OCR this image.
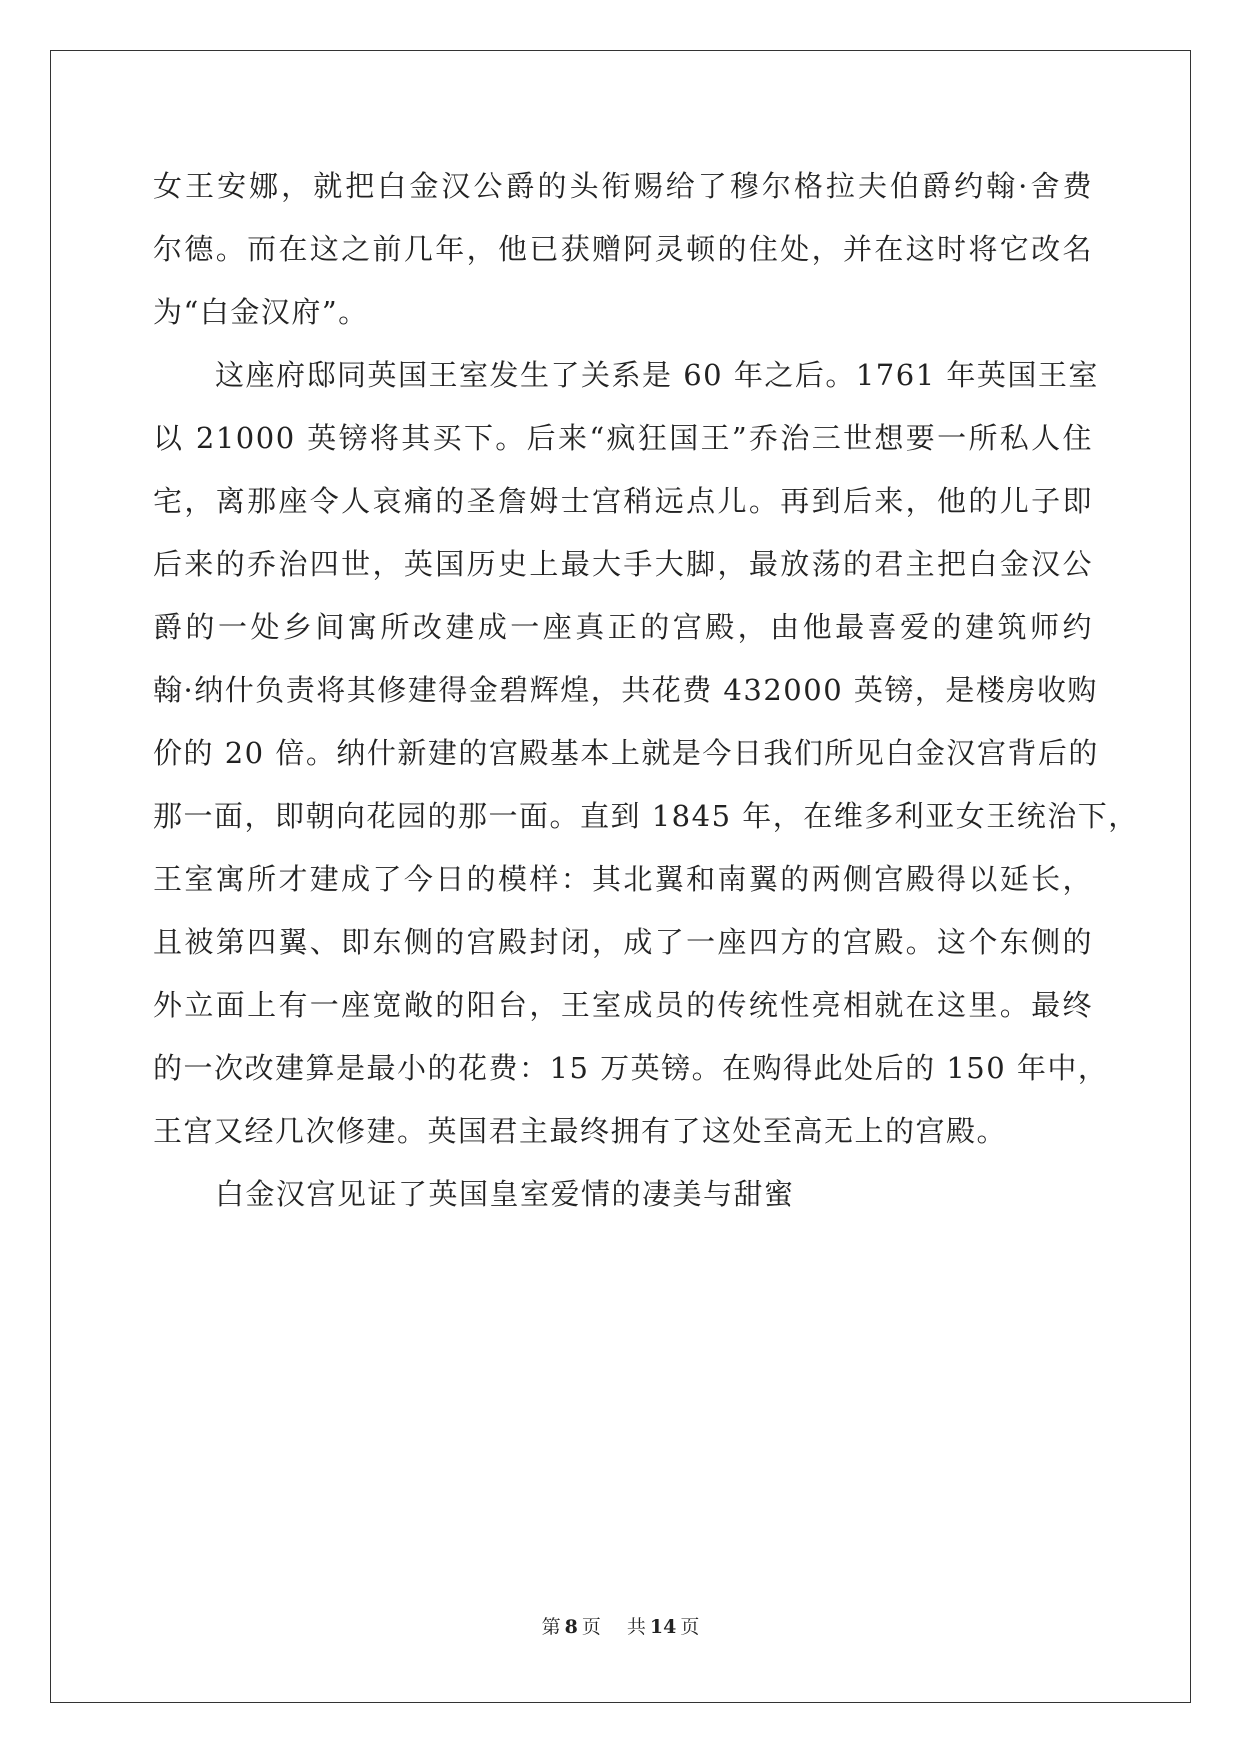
女王安娜，就把白金汉公爵的头衔赐给了穆尔格拉夫伯爵约翰·舍费
尔德。而在这之前几年，他已获赠阿灵顿的住处，并在这时将它改名
为“白金汉府”。
这座府邸同英国王室发生了关系是 60 年之后。1761 年英国王室
以 21000 英镑将其买下。后来“疯狂国王”乔治三世想要一所私人住
宅，离那座令人哀痛的圣詹姆士宫稍远点儿。再到后来，他的儿子即
后来的乔治四世，英国历史上最大手大脚，最放荡的君主把白金汉公
爵的一处乡间寓所改建成一座真正的宫殿，由他最喜爱的建筑师约
翰·纳什负责将其修建得金碧辉煌，共花费 432000 英镑，是楼房收购
价的 20 倍。纳什新建的宫殿基本上就是今日我们所见白金汉宫背后的
那一面，即朝向花园的那一面。直到 1845 年，在维多利亚女王统治下，
王室寓所才建成了今日的模样：其北翼和南翼的两侧宫殿得以延长，
且被第四翼、即东侧的宫殿封闭，成了一座四方的宫殿。这个东侧的
外立面上有一座宽敞的阳台，王室成员的传统性亮相就在这里。最终
的一次改建算是最小的花费：15 万英镑。在购得此处后的 150 年中，
王宫又经几次修建。英国君主最终拥有了这处至高无上的宫殿。
白金汉宫见证了英国皇室爱情的凄美与甜蜜
第 8 页 共 14 页
